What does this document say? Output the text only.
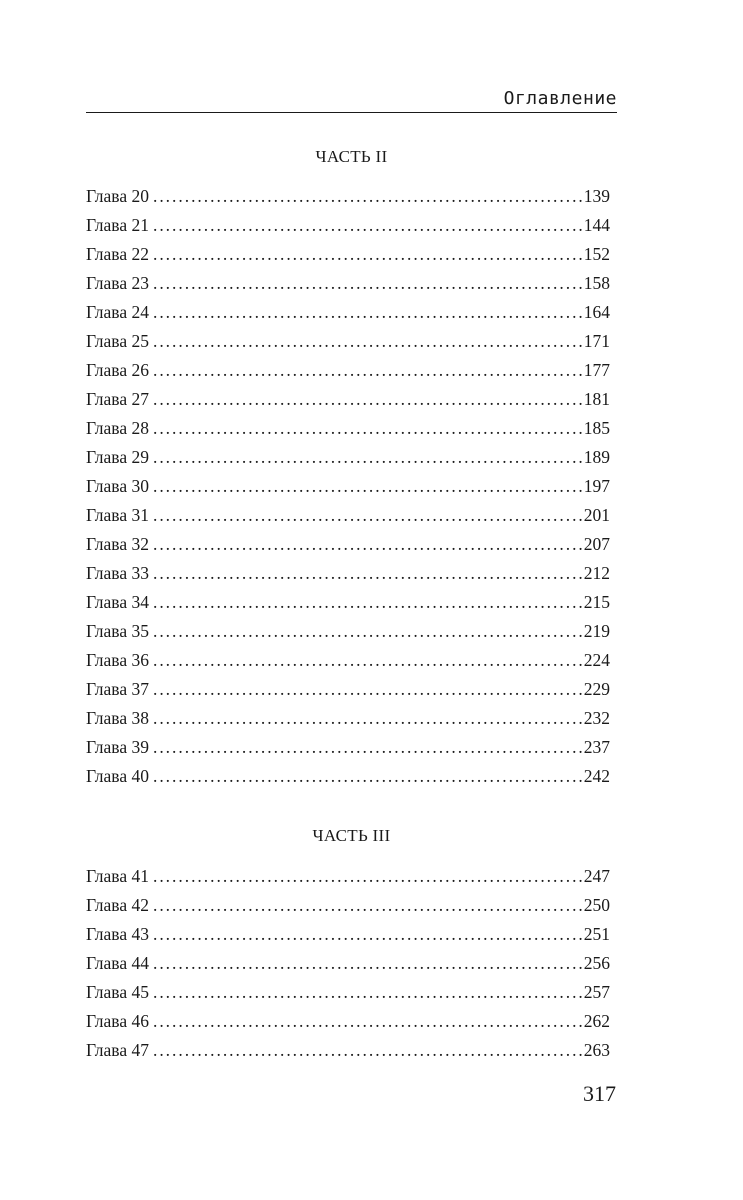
Оглавление
ЧАСТЬ II
Глава 20 . . .	139
Глава 21 . . .	144
Глава 22 . . .	152
Глава 23 . . .	158
Глава 24 . . .	164
Глава 25 . . .	171
Глава 26 . . .	177
Глава 27 . . .	181
Глава 28 . . .	185
Глава 29 . . .	189
Глава 30 . . .	197
Глава 31 . . .	201
Глава 32 . . .	207
Глава 33 . . .	212
Глава 34 . . .	215
Глава 35 . . .	219
Глава 36 . . .	224
Глава 37 . . .	229
Глава 38 . . .	232
Глава 39 . . .	237
Глава 40 . . .	242
ЧАСТЬ III
Глава 41 . . .	247
Глава 42 . . .	250
Глава 43 . . .	251
Глава 44 . . .	256
Глава 45 . . .	257
Глава 46 . . .	262
Глава 47 . . .	263
317
